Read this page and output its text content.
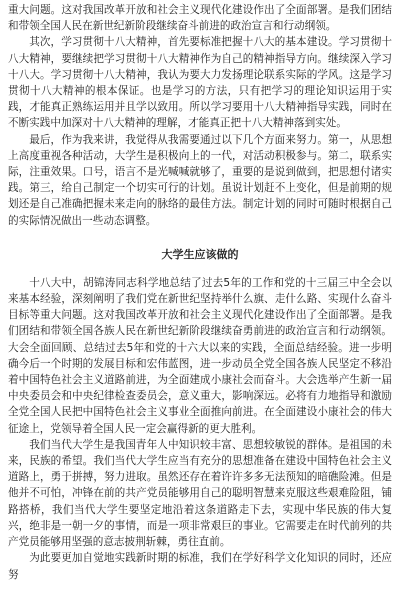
重大问题。这对我国改革开放和社会主义现代化建设作出了全面部署。是我们团结和带领全国人民在新世纪新阶段继续奋斗前进的政治宣言和行动纲领。

其次，学习贯彻十八大精神，首先要标准把握十八大的基本建设。学习贯彻十八大精神，要继续把学习贯彻十八大精神作为自己的精神指导方向。继续深入学习十八大。学习贯彻十八大精神，我认为要大力发扬理论联系实际的学风。这是学习贯彻十八大精神的根本保证。也是学习的方法，只有把学习的理论知识运用于实践，才能真正熟练运用并且学以致用。所以学习要用十八大精神指导实践，同时在不断实践中加深对十八大精神的理解，才能真正把十八大精神落到实处。

最后，作为我来讲，我觉得从我需要通过以下几个方面来努力。第一，从思想上高度重视各种活动，大学生是积极向上的一代，对活动积极参与。第二，联系实际，注重效果。口号，语言不是光喊喊就够了，重要的是说到做到，把思想付诸实践。第三，给自己制定一个切实可行的计划。虽说计划赶不上变化，但是前期的规划还是自己准确把握未来走向的脉络的最佳方法。制定计划的同时可随时根据自己的实际情况做出一些动态调整。

大学生应该做的

十八大中，胡锦涛同志科学地总结了过去5年的工作和党的十三届三中全会以来基本经验，深刻阐明了我们党在新世纪坚持举什么旗、走什么路、实现什么奋斗目标等重大问题。这对我国改革开放和社会主义现代化建设作出了全面部署。是我们团结和带领全国各族人民在新世纪新阶段继续奋勇前进的政治宣言和行动纲领。大会全面回顾、总结过去5年和党的十六大以来的实践，全面总结经验。进一步明确今后一个时期的发展目标和宏伟蓝图，进一步动员全党全国各族人民坚定不移沿着中国特色社会主义道路前进，为全面建成小康社会而奋斗。大会选举产生新一届中央委员会和中央纪律检查委员会，意义重大，影响深远。必将有力地指导和激励全党全国人民把中国特色社会主义事业全面推向前进。在全面建设小康社会的伟大征途上，党领导着全国人民一定会赢得新的更大胜利。

我们当代大学生是我国青年人中知识较丰富、思想较敏锐的群体。是祖国的未来，民族的希望。我们当代大学生应当有充分的思想准备在建设中国特色社会主义道路上，勇于拼搏，努力进取。虽然还存在着许许多多无法预知的暗礁险滩。但是他并不可怕，冲锋在前的共产党员能够用自己的聪明智慧来克服这些艰难险阻，铺路搭桥，我们当代大学生要坚定地沿着这条道路走下去，实现中华民族的伟大复兴，绝非是一朝一夕的事情，而是一项非常艰巨的事业。它需要走在时代前列的共产党员能够用坚强的意志披荆斩棘，勇往直前。

为此要更加自觉地实践新时期的标准，我们在学好科学文化知识的同时，还应努
